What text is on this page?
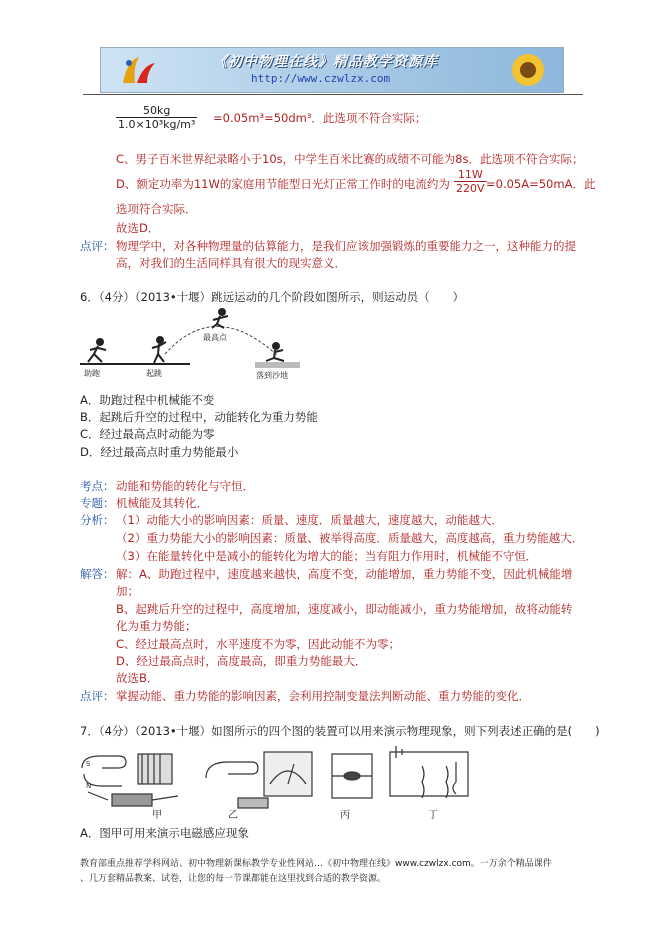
《初中物理在线》精品教学资源库
http://www.czwlzx.com
$\frac{50kg}{\text{1.0×10³kg/m³}} =0.05m^3=50dm^3$．此选项不符合实际；
C、男子百米世界纪录略小于10s，中学生百米比赛的成绩不可能为8s．此选项不符合实际；
D、额定功率为11W的家庭用节能型日光灯正常工作时的电流约为 $\frac{11W}{220V} =0.05A=50mA$．此
选项符合实际．
故选D．
点评： 物理学中，对各种物理量的估算能力，是我们应该加强锻炼的重要能力之一，这种能力的提
高，对我们的生活同样具有很大的现实意义．
6．（4分）（2013•十堰）跳远运动的几个阶段如图所示，则运动员（　　）
助跑	起跳
最高点
落到沙地
A．助跑过程中机械能不变
B．起跳后升空的过程中，动能转化为重力势能
C．经过最高点时动能为零
D．经过最高点时重力势能最小
考点： 动能和势能的转化与守恒．
专题： 机械能及其转化．
分析： （1）动能大小的影响因素：质量、速度．质量越大，速度越大，动能越大．
（2）重力势能大小的影响因素：质量、被举得高度．质量越大，高度越高，重力势能越大．
（3）在能量转化中是减小的能转化为增大的能；当有阻力作用时，机械能不守恒．
解答： 解：A、助跑过程中，速度越来越快，高度不变，动能增加，重力势能不变，因此机械能增
加；
B、起跳后升空的过程中，高度增加，速度减小，即动能减小，重力势能增加，故将动能转
化为重力势能；
C、经过最高点时，水平速度不为零，因此动能不为零；
D、经过最高点时，高度最高，即重力势能最大．
故选B．
点评： 掌握动能、重力势能的影响因素，会利用控制变量法判断动能、重力势能的变化．
7．（4分）（2013•十堰）如图所示的四个图的装置可以用来演示物理现象，则下列表述正确的是(　　)
S
N
甲	乙	丙	丁
A．图甲可用来演示电磁感应现象
教育部重点推荐学科网站、初中物理新课标教学专业性网站…《初中物理在线》www.czwlzx.com。一万余个精品课件
、几万套精品教案、试卷，让您的每一节课都能在这里找到合适的教学资源。
